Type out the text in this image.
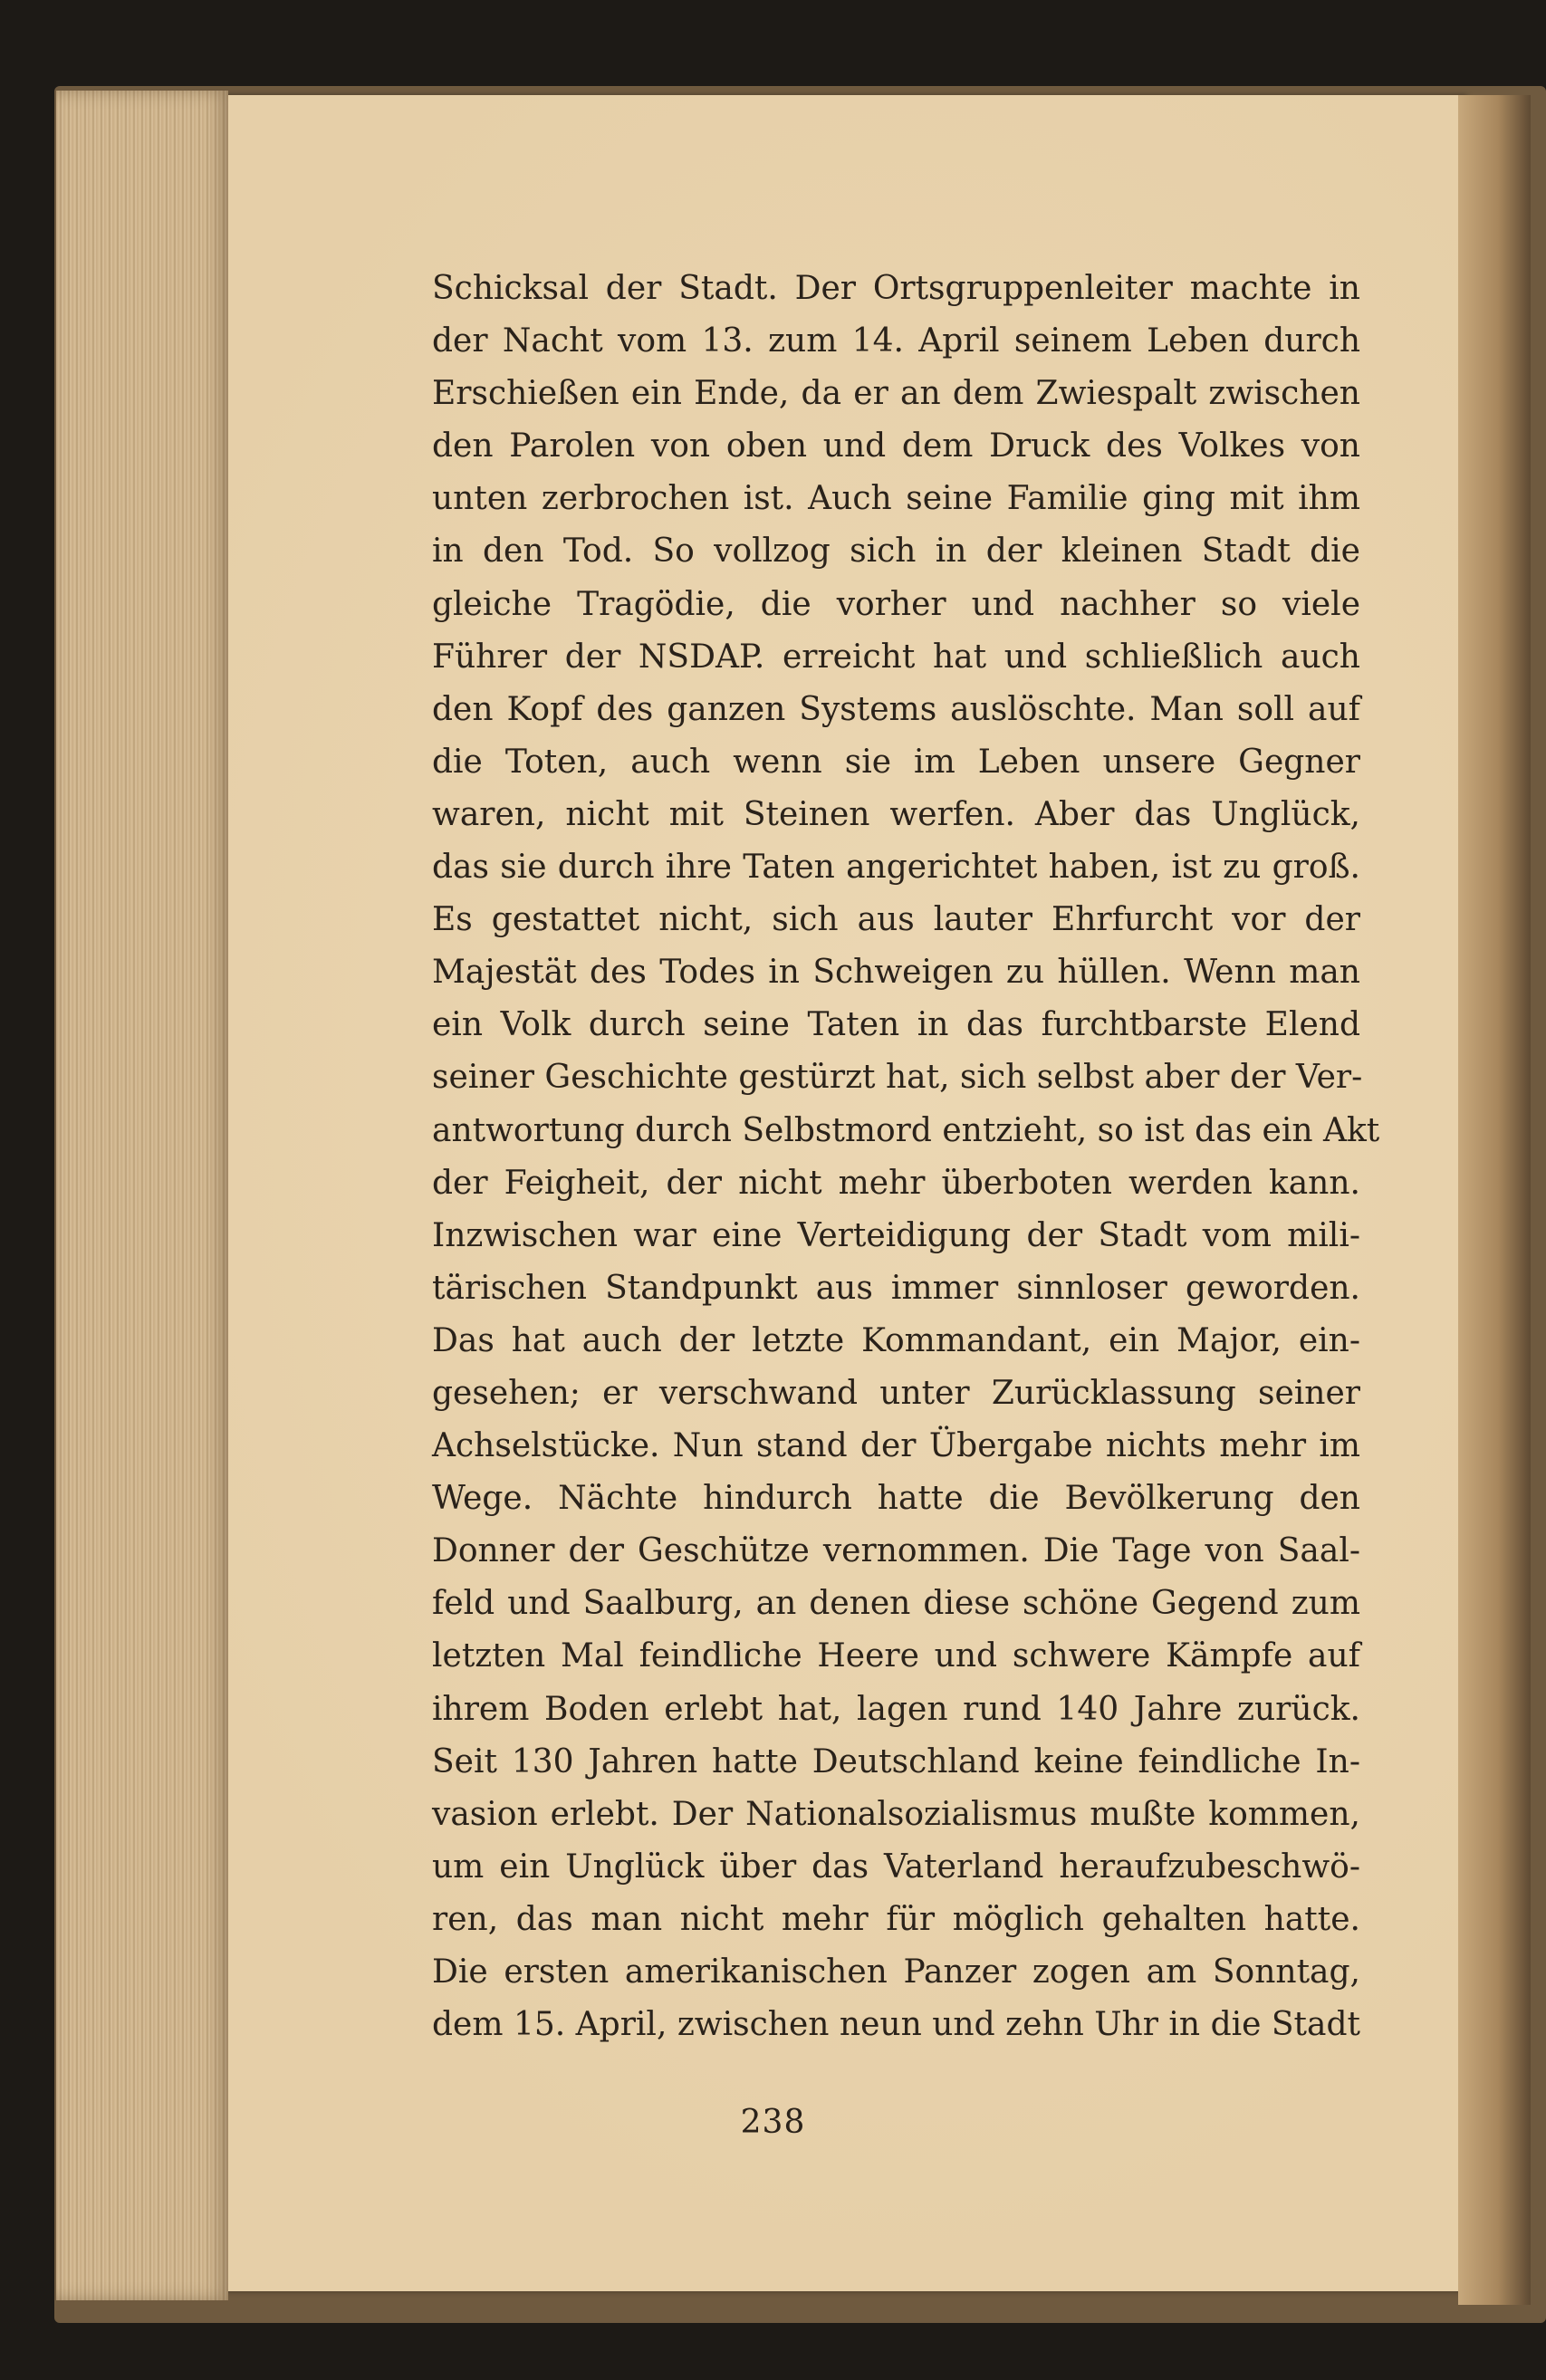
Schicksal der Stadt. Der Ortsgruppenleiter machte in
der Nacht vom 13. zum 14. April seinem Leben durch
Erschießen ein Ende, da er an dem Zwiespalt zwischen
den Parolen von oben und dem Druck des Volkes von
unten zerbrochen ist. Auch seine Familie ging mit ihm
in den Tod. So vollzog sich in der kleinen Stadt die
gleiche Tragödie, die vorher und nachher so viele
Führer der NSDAP. erreicht hat und schließlich auch
den Kopf des ganzen Systems auslöschte. Man soll auf
die Toten, auch wenn sie im Leben unsere Gegner
waren, nicht mit Steinen werfen. Aber das Unglück,
das sie durch ihre Taten angerichtet haben, ist zu groß.
Es gestattet nicht, sich aus lauter Ehrfurcht vor der
Majestät des Todes in Schweigen zu hüllen. Wenn man
ein Volk durch seine Taten in das furchtbarste Elend
seiner Geschichte gestürzt hat, sich selbst aber der Ver-
antwortung durch Selbstmord entzieht, so ist das ein Akt
der Feigheit, der nicht mehr überboten werden kann.
Inzwischen war eine Verteidigung der Stadt vom mili-
tärischen Standpunkt aus immer sinnloser geworden.
Das hat auch der letzte Kommandant, ein Major, ein-
gesehen; er verschwand unter Zurücklassung seiner
Achselstücke. Nun stand der Übergabe nichts mehr im
Wege. Nächte hindurch hatte die Bevölkerung den
Donner der Geschütze vernommen. Die Tage von Saal-
feld und Saalburg, an denen diese schöne Gegend zum
letzten Mal feindliche Heere und schwere Kämpfe auf
ihrem Boden erlebt hat, lagen rund 140 Jahre zurück.
Seit 130 Jahren hatte Deutschland keine feindliche In-
vasion erlebt. Der Nationalsozialismus mußte kommen,
um ein Unglück über das Vaterland heraufzubeschwö-
ren, das man nicht mehr für möglich gehalten hatte.
Die ersten amerikanischen Panzer zogen am Sonntag,
dem 15. April, zwischen neun und zehn Uhr in die Stadt
238
